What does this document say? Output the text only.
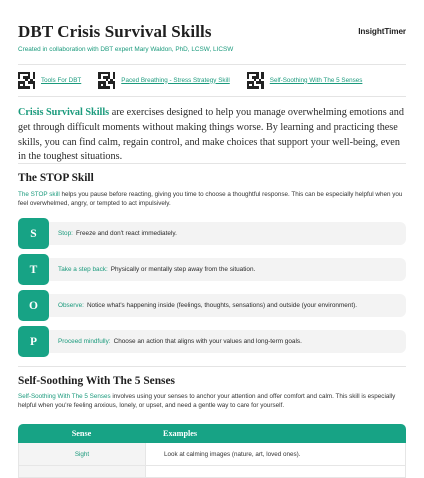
DBT Crisis Survival Skills
Created in collaboration with DBT expert Mary Waldon, PhD, LCSW, LICSW
InsightTimer
Tools For DBT	Paced Breathing - Stress Strategy Skill	Self-Soothing With The 5 Senses

Crisis Survival Skills are exercises designed to help you manage overwhelming emotions and get through difficult moments without making things worse. By learning and practicing these skills, you can find calm, regain control, and make choices that support your well-being, even in the toughest situations.

The STOP Skill

The STOP skill helps you pause before reacting, giving you time to choose a thoughtful response. This can be especially helpful when you feel overwhelmed, angry, or tempted to act impulsively.

S	Stop: Freeze and don't react immediately.
T	Take a step back: Physically or mentally step away from the situation.
O	Observe: Notice what's happening inside (feelings, thoughts, sensations) and outside (your environment).
P	Proceed mindfully: Choose an action that aligns with your values and long-term goals.
Self-Soothing With The 5 Senses

Self-Soothing With The 5 Senses involves using your senses to anchor your attention and offer comfort and calm. This skill is especially helpful when you're feeling anxious, lonely, or upset, and need a gentle way to care for yourself.

Sense	Examples
Sight	Look at calming images (nature, art, loved ones).
